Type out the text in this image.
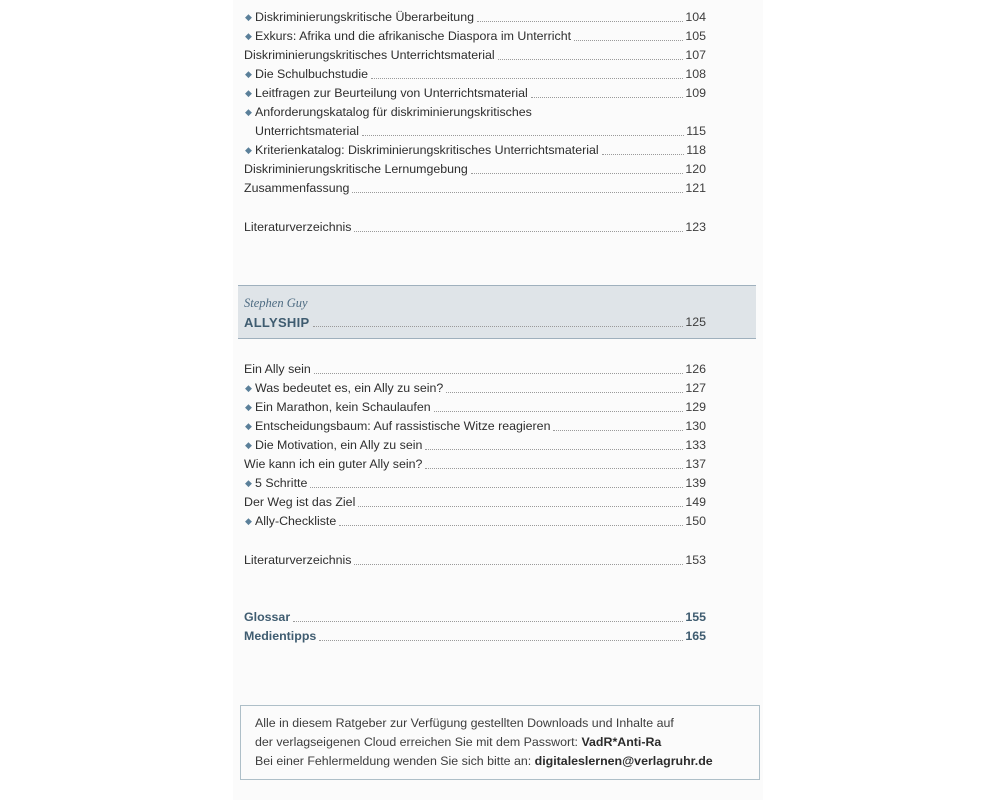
◆ Diskriminierungskritische Überarbeitung	104
◆ Exkurs: Afrika und die afrikanische Diaspora im Unterricht	105
Diskriminierungskritisches Unterrichtsmaterial	107
◆ Die Schulbuchstudie	108
◆ Leitfragen zur Beurteilung von Unterrichtsmaterial	109
◆ Anforderungskatalog für diskriminierungskritisches
Unterrichtsmaterial	115
◆ Kriterienkatalog: Diskriminierungskritisches Unterrichtsmaterial	118
Diskriminierungskritische Lernumgebung	120
Zusammenfassung	121
Literaturverzeichnis	123
Stephen Guy
ALLYSHIP	125
Ein Ally sein	126
◆ Was bedeutet es, ein Ally zu sein?	127
◆ Ein Marathon, kein Schaulaufen	129
◆ Entscheidungsbaum: Auf rassistische Witze reagieren	130
◆ Die Motivation, ein Ally zu sein	133
Wie kann ich ein guter Ally sein?	137
◆ 5 Schritte	139
Der Weg ist das Ziel	149
◆ Ally-Checkliste	150
Literaturverzeichnis	153
Glossar	155
Medientipps	165
Alle in diesem Ratgeber zur Verfügung gestellten Downloads und Inhalte auf
der verlagseigenen Cloud erreichen Sie mit dem Passwort: VadR*Anti-Ra
Bei einer Fehlermeldung wenden Sie sich bitte an: digitaleslernen@verlagruhr.de
